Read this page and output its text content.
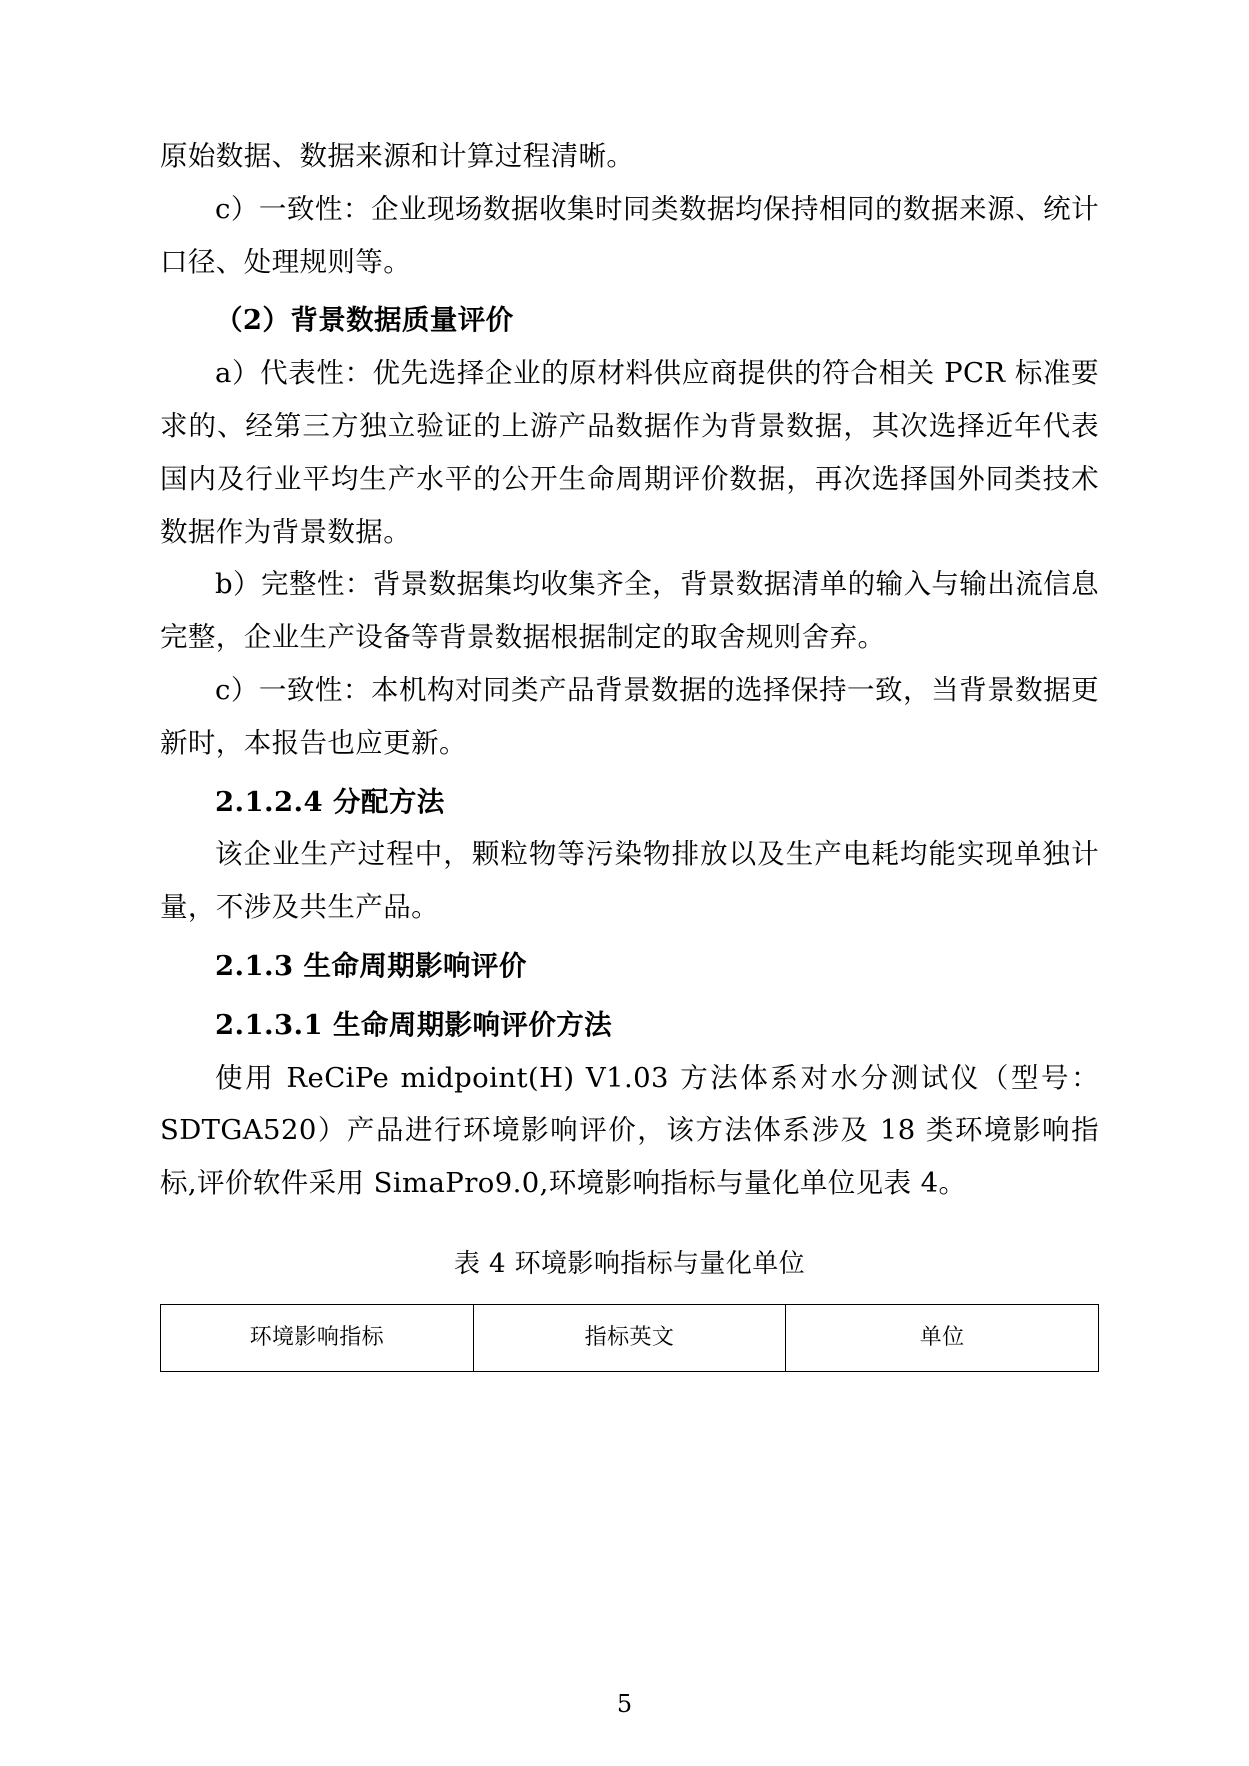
原始数据、数据来源和计算过程清晰。

c）一致性：企业现场数据收集时同类数据均保持相同的数据来源、统计口径、处理规则等。

（2）背景数据质量评价

a）代表性：优先选择企业的原材料供应商提供的符合相关 PCR 标准要求的、经第三方独立验证的上游产品数据作为背景数据，其次选择近年代表国内及行业平均生产水平的公开生命周期评价数据，再次选择国外同类技术数据作为背景数据。

b）完整性：背景数据集均收集齐全，背景数据清单的输入与输出流信息完整，企业生产设备等背景数据根据制定的取舍规则舍弃。

c）一致性：本机构对同类产品背景数据的选择保持一致，当背景数据更新时，本报告也应更新。

2.1.2.4 分配方法

该企业生产过程中，颗粒物等污染物排放以及生产电耗均能实现单独计量，不涉及共生产品。

2.1.3 生命周期影响评价

2.1.3.1 生命周期影响评价方法

使用 ReCiPe midpoint(H) V1.03 方法体系对水分测试仪（型号：SDTGA520）产品进行环境影响评价，该方法体系涉及 18 类环境影响指标,评价软件采用 SimaPro9.0,环境影响指标与量化单位见表 4。

表 4 环境影响指标与量化单位

环境影响指标	指标英文	单位
5
